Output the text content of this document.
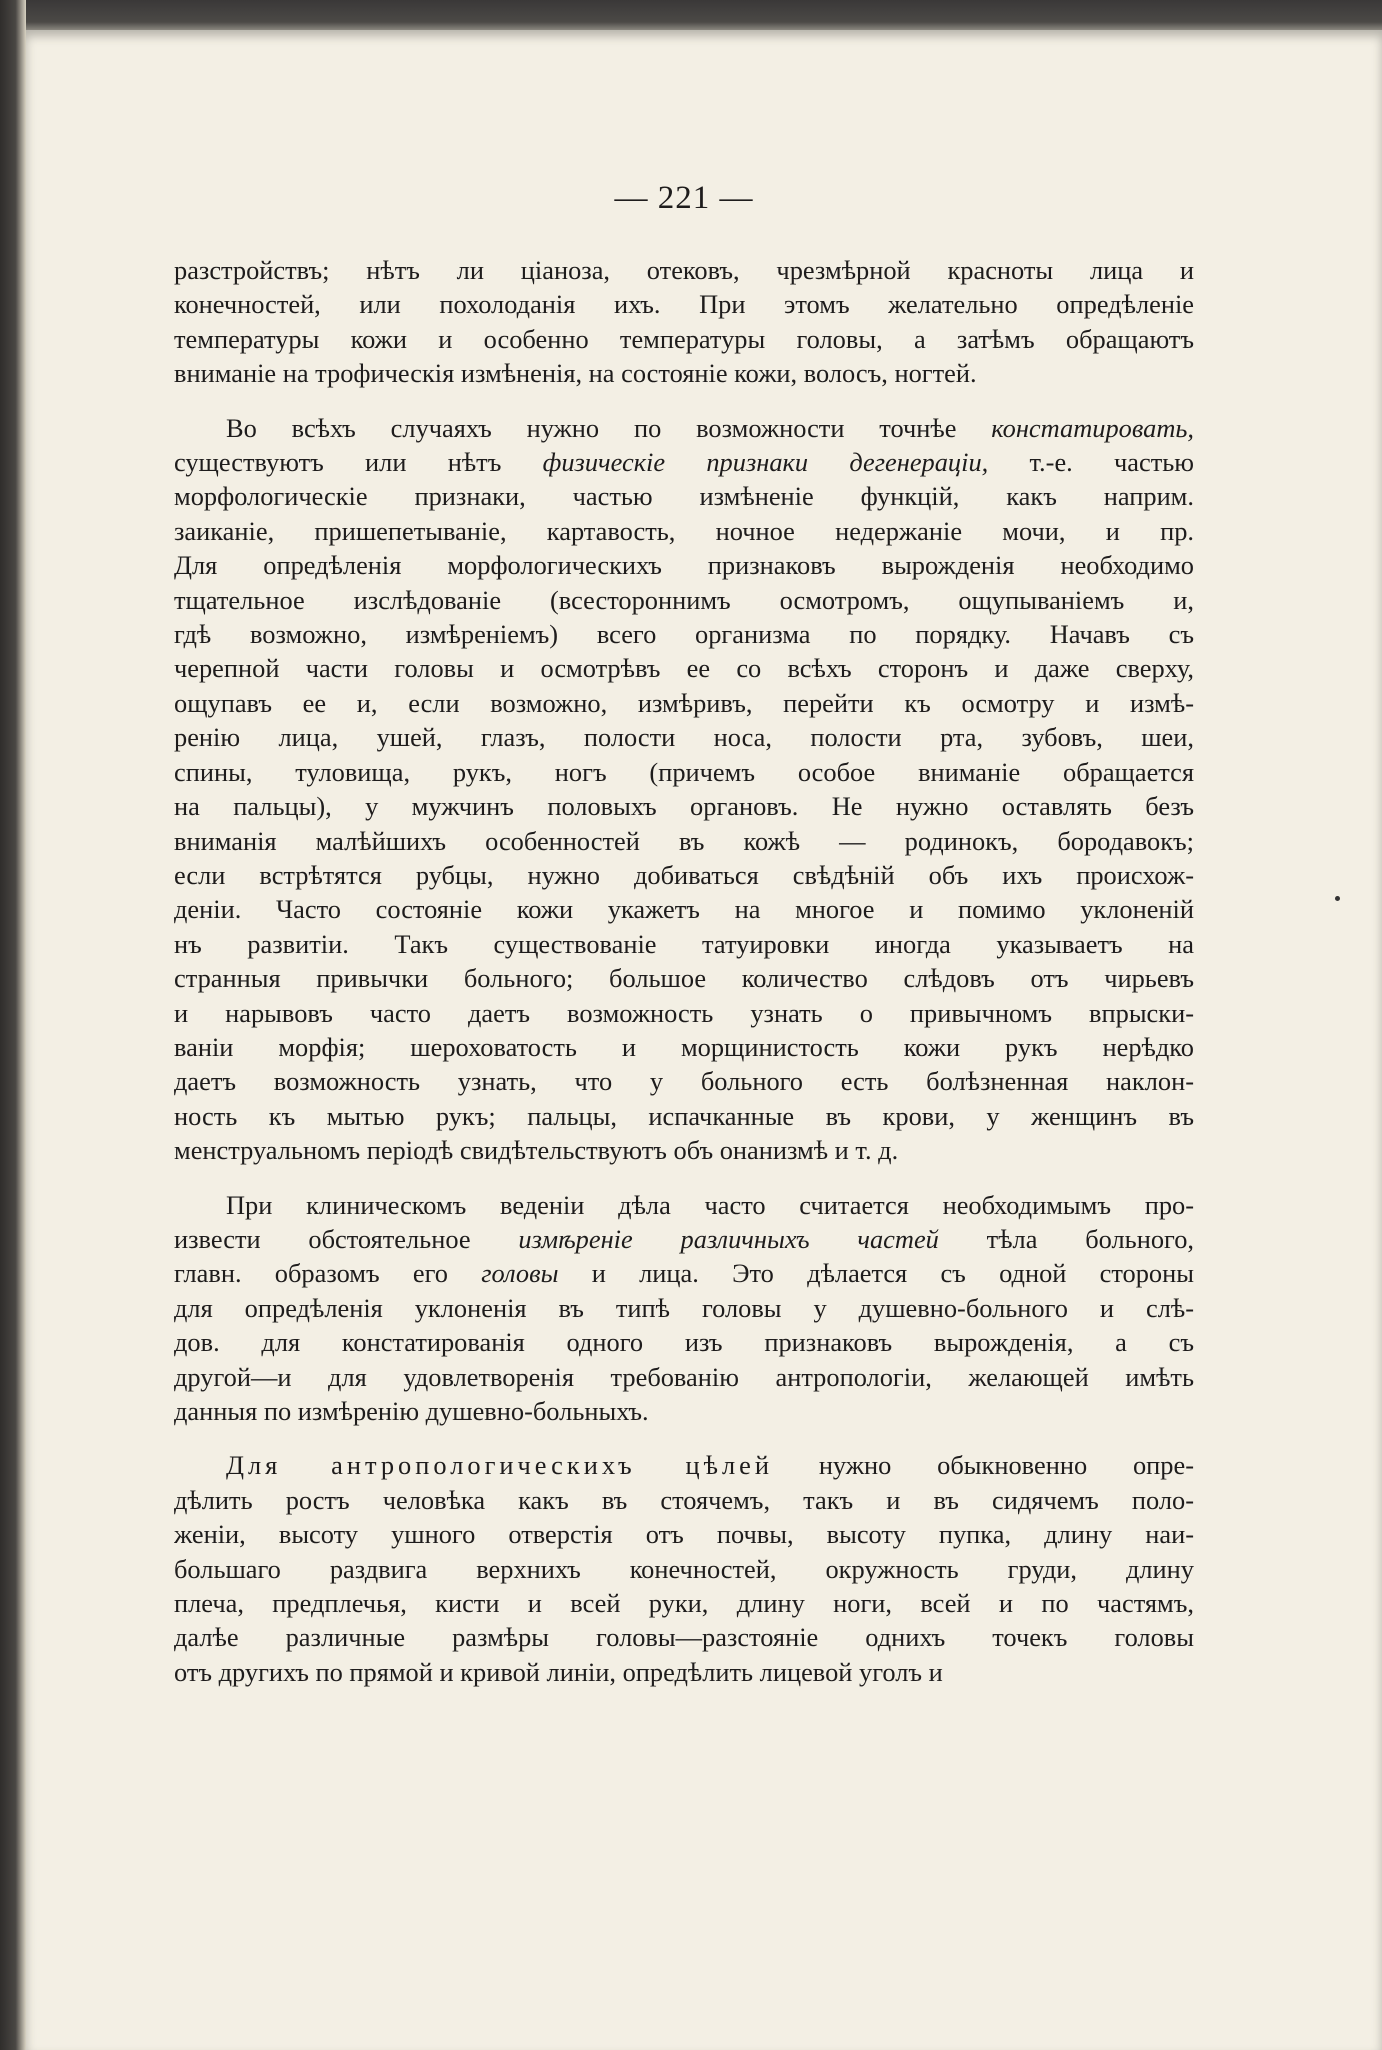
— 221 —
разстройствъ; нѣтъ ли ціаноза, отековъ, чрезмѣрной красноты лица и
конечностей, или похолоданія ихъ. При этомъ желательно опредѣленіе
температуры кожи и особенно температуры головы, а затѣмъ обращаютъ
вниманіе на трофическія измѣненія, на состояніе кожи, волосъ, ногтей.
Во всѣхъ случаяхъ нужно по возможности точнѣе констатировать,
существуютъ или нѣтъ физическіе признаки дегенераціи, т.-е. частью
морфологическіе признаки, частью измѣненіе функцій, какъ наприм.
заиканіе, пришепетываніе, картавость, ночное недержаніе мочи, и пр.
Для опредѣленія морфологическихъ признаковъ вырожденія необходимо
тщательное изслѣдованіе (всестороннимъ осмотромъ, ощупываніемъ и,
гдѣ возможно, измѣреніемъ) всего организма по порядку. Начавъ съ
черепной части головы и осмотрѣвъ ее со всѣхъ сторонъ и даже сверху,
ощупавъ ее и, если возможно, измѣривъ, перейти къ осмотру и измѣ-
ренію лица, ушей, глазъ, полости носа, полости рта, зубовъ, шеи,
спины, туловища, рукъ, ногъ (причемъ особое вниманіе обращается
на пальцы), у мужчинъ половыхъ органовъ. Не нужно оставлять безъ
вниманія малѣйшихъ особенностей въ кожѣ — родинокъ, бородавокъ;
если встрѣтятся рубцы, нужно добиваться свѣдѣній объ ихъ происхож-
деніи. Часто состояніе кожи укажетъ на многое и помимо уклоненій
нъ развитіи. Такъ существованіе татуировки иногда указываетъ на
странныя привычки больного; большое количество слѣдовъ отъ чирьевъ
и нарывовъ часто даетъ возможность узнать о привычномъ впрыски-
ваніи морфія; шероховатость и морщинистость кожи рукъ нерѣдко
даетъ возможность узнать, что у больного есть болѣзненная наклон-
ность къ мытью рукъ; пальцы, испачканные въ крови, у женщинъ въ
менструальномъ періодѣ свидѣтельствуютъ объ онанизмѣ и т. д.
При клиническомъ веденіи дѣла часто считается необходимымъ про-
извести обстоятельное измѣреніе различныхъ частей тѣла больного,
главн. образомъ его головы и лица. Это дѣлается съ одной стороны
для опредѣленія уклоненія въ типѣ головы у душевно-больного и слѣ-
дов. для констатированія одного изъ признаковъ вырожденія, а съ
другой—и для удовлетворенія требованію антропологіи, желающей имѣть
данныя по измѣренію душевно-больныхъ.
Для антропологическихъ цѣлей нужно обыкновенно опре-
дѣлить ростъ человѣка какъ въ стоячемъ, такъ и въ сидячемъ поло-
женіи, высоту ушного отверстія отъ почвы, высоту пупка, длину наи-
большаго раздвига верхнихъ конечностей, окружность груди, длину
плеча, предплечья, кисти и всей руки, длину ноги, всей и по частямъ,
далѣе различные размѣры головы—разстояніе однихъ точекъ головы
отъ другихъ по прямой и кривой линіи, опредѣлить лицевой уголъ и
